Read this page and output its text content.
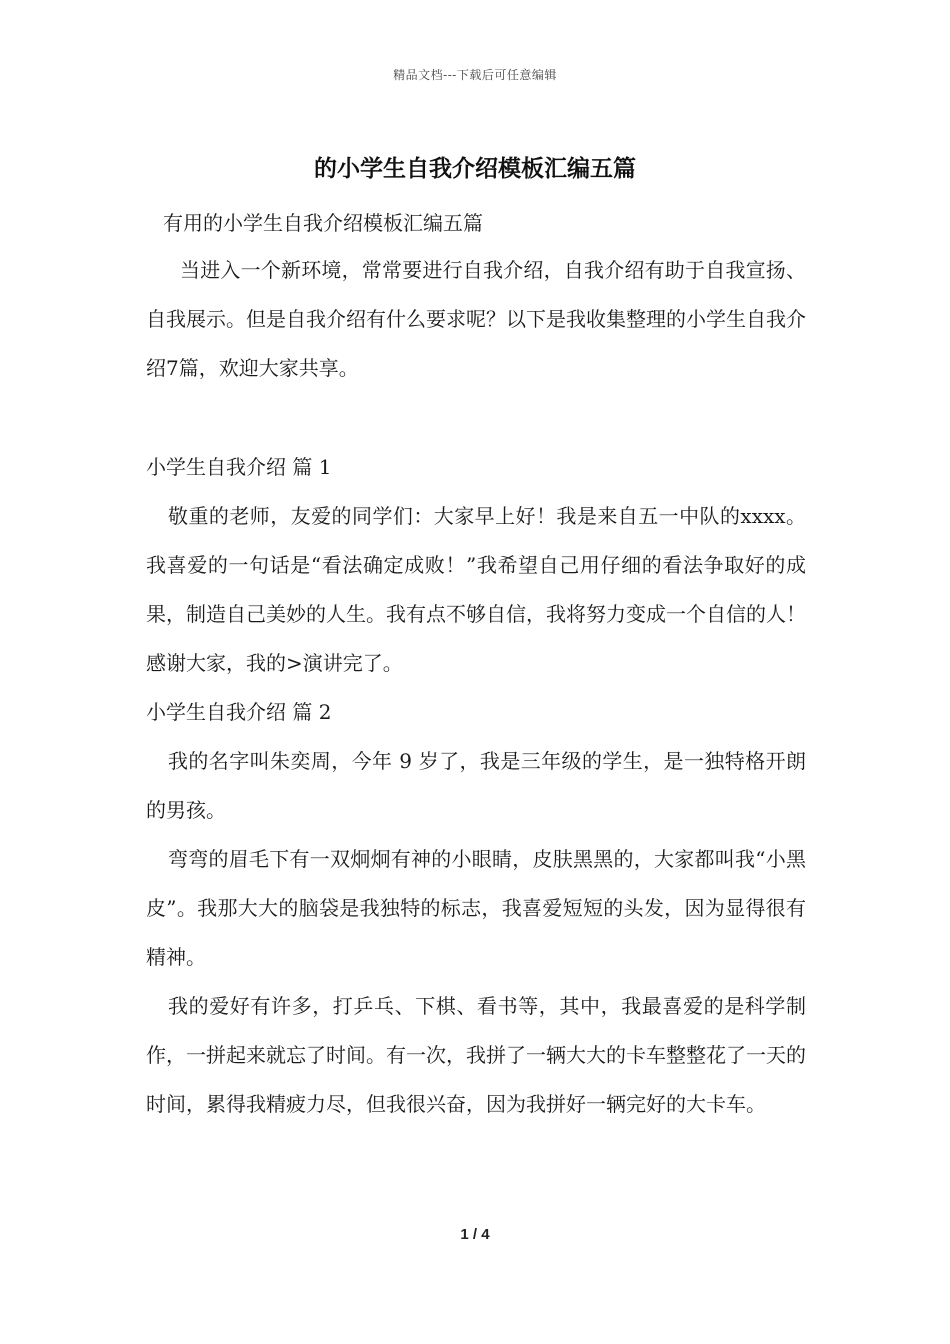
精品文档---下载后可任意编辑
的小学生自我介绍模板汇编五篇

有用的小学生自我介绍模板汇编五篇

当进入一个新环境，常常要进行自我介绍，自我介绍有助于自我宣扬、自我展示。但是自我介绍有什么要求呢？以下是我收集整理的小学生自我介绍7篇，欢迎大家共享。

小学生自我介绍 篇 1

敬重的老师，友爱的同学们：大家早上好！我是来自五一中队的xxxx。我喜爱的一句话是“看法确定成败！”我希望自己用仔细的看法争取好的成果，制造自己美妙的人生。我有点不够自信，我将努力变成一个自信的人！感谢大家，我的>演讲完了。

小学生自我介绍 篇 2

我的名字叫朱奕周，今年 9 岁了，我是三年级的学生，是一独特格开朗的男孩。

弯弯的眉毛下有一双炯炯有神的小眼睛，皮肤黑黑的，大家都叫我“小黑皮”。我那大大的脑袋是我独特的标志，我喜爱短短的头发，因为显得很有精神。

我的爱好有许多，打乒乓、下棋、看书等，其中，我最喜爱的是科学制作，一拼起来就忘了时间。有一次，我拼了一辆大大的卡车整整花了一天的时间，累得我精疲力尽，但我很兴奋，因为我拼好一辆完好的大卡车。

1 / 4
